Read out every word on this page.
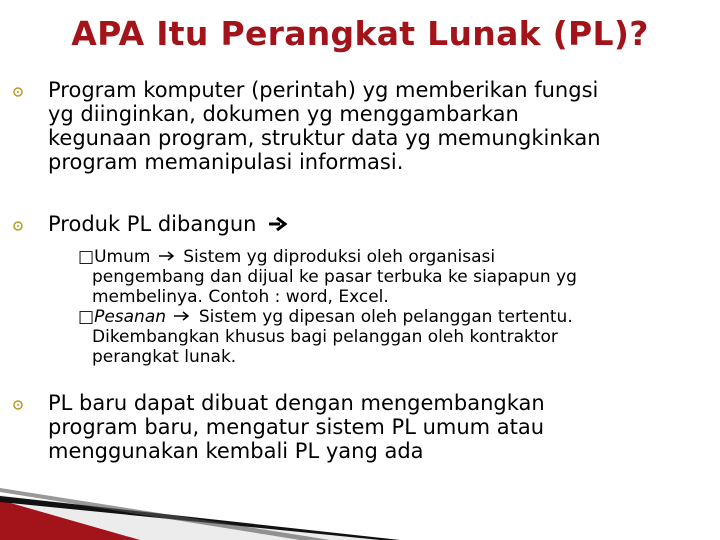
APA Itu Perangkat Lunak (PL)?
Program komputer (perintah) yg memberikan fungsi
yg diinginkan, dokumen yg menggambarkan
kegunaan program, struktur data yg memungkinkan
program memanipulasi informasi.
Produk PL dibangun
□Umum Sistem yg diproduksi oleh organisasi
pengembang dan dijual ke pasar terbuka ke siapapun yg
membelinya. Contoh : word, Excel.
□Pesanan Sistem yg dipesan oleh pelanggan tertentu.
Dikembangkan khusus bagi pelanggan oleh kontraktor
perangkat lunak.
PL baru dapat dibuat dengan mengembangkan
program baru, mengatur sistem PL umum atau
menggunakan kembali PL yang ada
